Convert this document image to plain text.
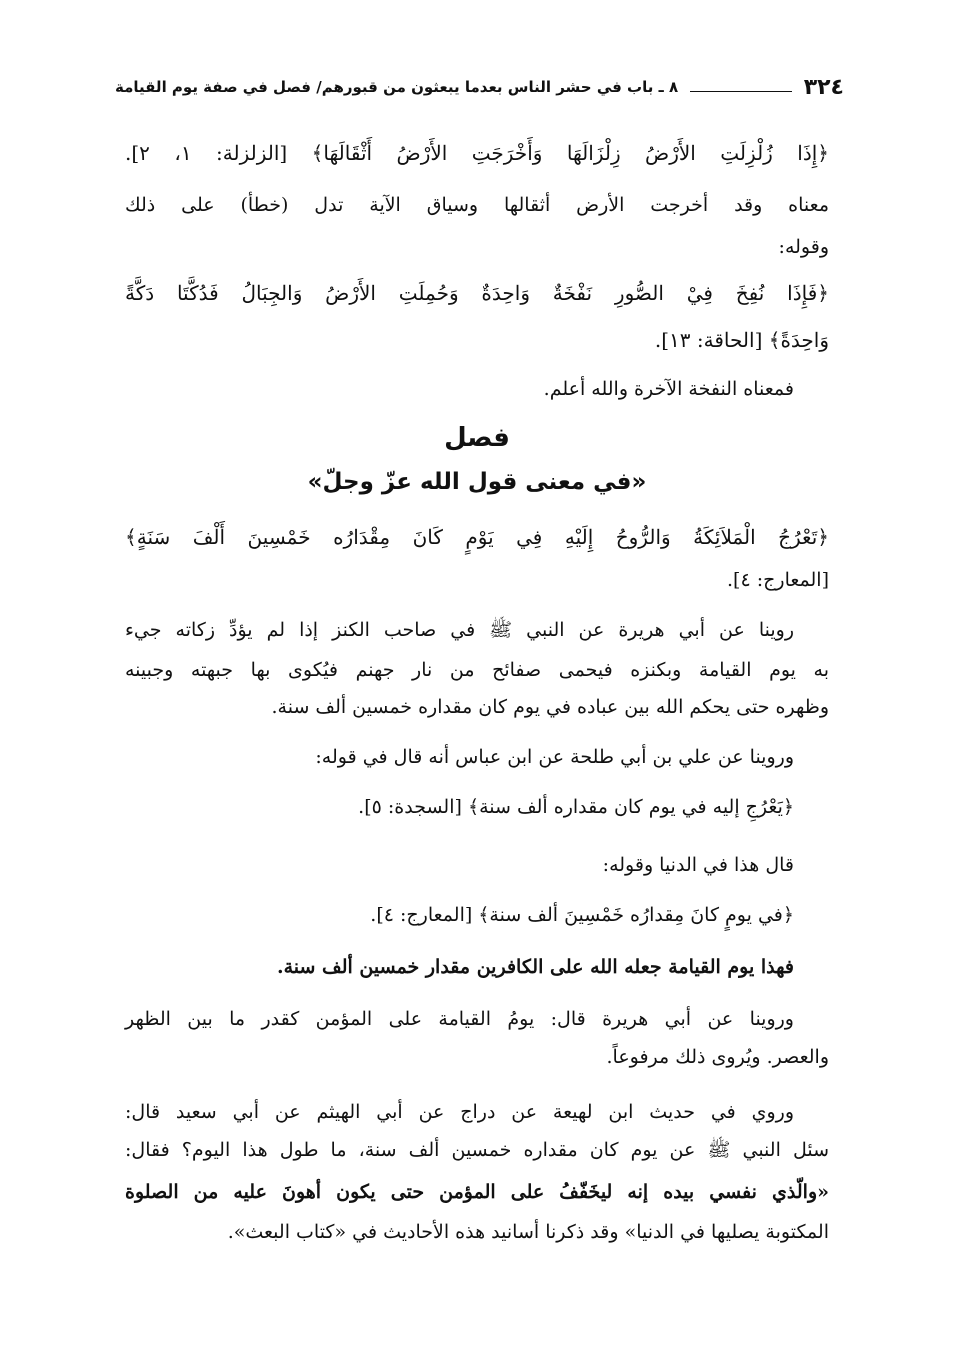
٣٢٤
٨ ـ باب في حشر الناس بعدما يبعثون من قبورهم/ فصل في صفة يوم القيامة
﴿إِذَا زُلْزِلَتِ الأَرْضُ زِلْزَالَهَا وَأَخْرَجَتِ الأَرْضُ أَثْقَالَهَا﴾ [الزلزلة: ١، ٢].
معناه وقد أخرجت الأرض أثقالها وسياق الآية تدل (خطأ) على ذلك
وقوله:
﴿فَإِذَا نُفِخَ فِيْ الصُّورِ نَفْخَةٌ وَاحِدَةٌ وَحُمِلَتِ الأَرْضُ وَالجِبَالُ فَدُكَّتَا دَكَّةً
وَاحِدَةً﴾ [الحاقة: ١٣].
فمعناه النفخة الآخرة والله أعلم.
فصل
«في معنى قول الله عزّ وجلّ»
﴿تَعْرُجُ الْمَلاَئِكَةُ وَالرُّوحُ إِلَيْهِ فِي يَوْمٍ كَانَ مِقْدَارُه خَمْسِينَ أَلْفَ سَنَةٍ﴾
[المعارج: ٤].
روينا عن أبي هريرة عن النبي ﷺ في صاحب الكنز إذا لم يؤدِّ زكاته جيء
به يوم القيامة وبكنزه فيحمى صفائح من نار جهنم فيُكوى بها جبهته وجبينه
وظهره حتى يحكم الله بين عباده في يوم كان مقداره خمسين ألف سنة.
وروينا عن علي بن أبي طلحة عن ابن عباس أنه قال في قوله:
﴿يَعْرُجِ إليه في يوم كان مقداره ألف سنة﴾ [السجدة: ٥].
قال هذا في الدنيا وقوله:
﴿في يومٍ كانَ مِقدارُه خَمْسِينَ ألف سنة﴾ [المعارج: ٤].
فهذا يوم القيامة جعله الله على الكافرين مقدار خمسين ألف سنة.
وروينا عن أبي هريرة قال: يومُ القيامة على المؤمن كقدر ما بين الظهر
والعصر. ويُروى ذلك مرفوعاً.
وروي في حديث ابن لهيعة عن دراج عن أبي الهيثم عن أبي سعيد قال:
سئل النبي ﷺ عن يوم كان مقداره خمسين ألف سنة، ما طول هذا اليوم؟ فقال:
«والّذي نفسي بيده إنه ليخَفّفُ على المؤمن حتى يكون أهونَ عليه من الصلوة
المكتوبة يصليها في الدنيا» وقد ذكرنا أسانيد هذه الأحاديث في «كتاب البعث».
